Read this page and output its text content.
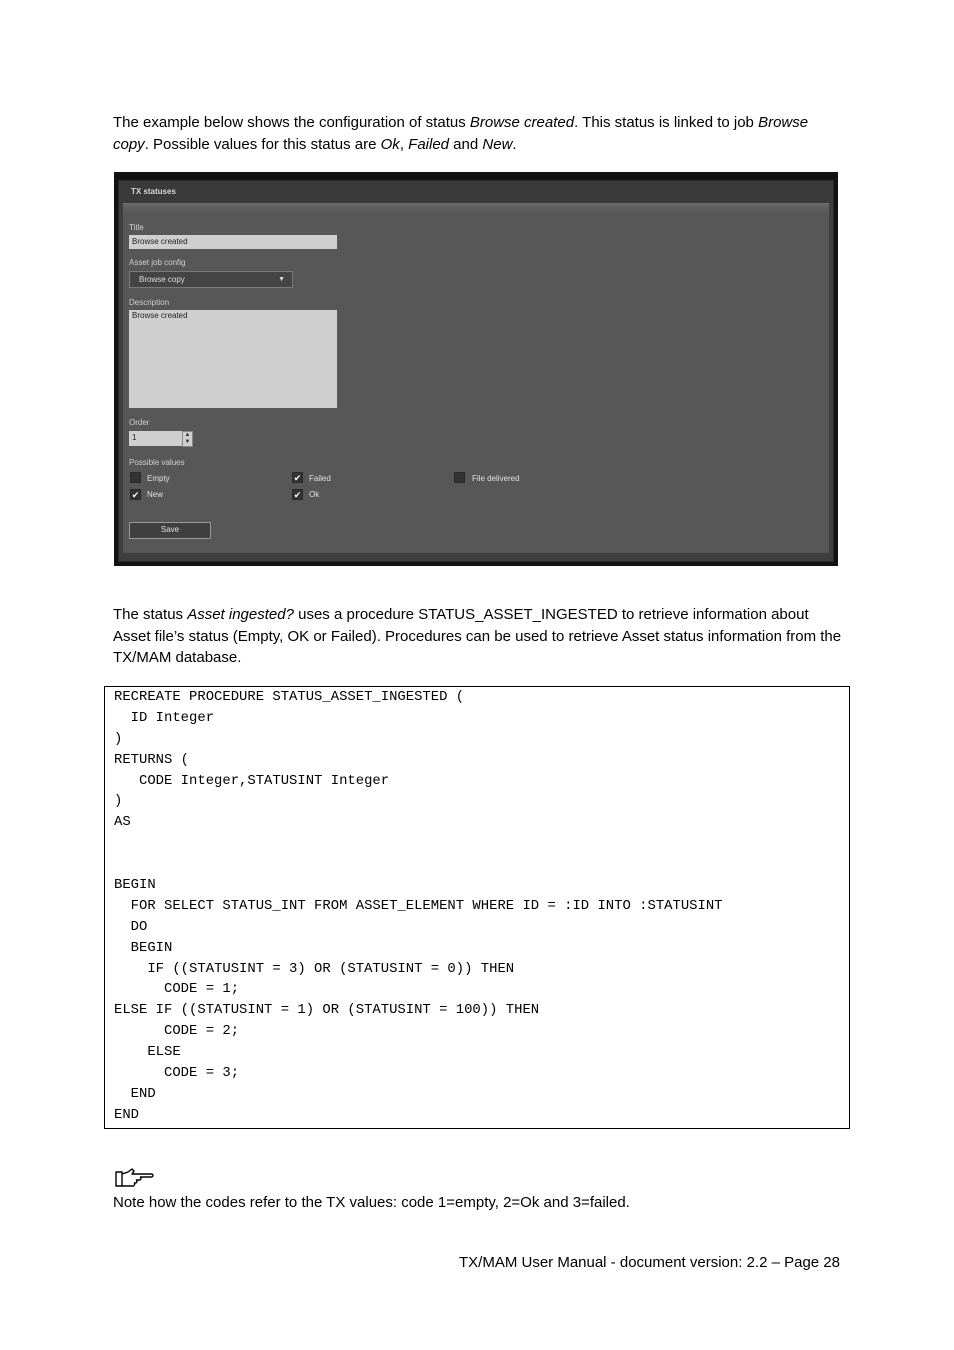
The example below shows the configuration of status Browse created. This status is linked to job Browse copy. Possible values for this status are Ok, Failed and New.

TX statuses
Title
Browse created
Asset job config
Browse copy	▼
Description
Browse created
Order
1	▲
▼
Possible values
Empty
✔ New
✔ Failed
✔ Ok
File delivered
Save

The status Asset ingested? uses a procedure STATUS_ASSET_INGESTED to retrieve information about Asset file’s status (Empty, OK or Failed). Procedures can be used to retrieve Asset status information from the TX/MAM database.

RECREATE PROCEDURE STATUS_ASSET_INGESTED (
ID Integer
)
RETURNS (
CODE Integer,STATUSINT Integer
)
AS
BEGIN
FOR SELECT STATUS_INT FROM ASSET_ELEMENT WHERE ID = :ID INTO :STATUSINT
DO
BEGIN
IF ((STATUSINT = 3) OR (STATUSINT = 0)) THEN
CODE = 1;
ELSE IF ((STATUSINT = 1) OR (STATUSINT = 100)) THEN
CODE = 2;
ELSE
CODE = 3;
END
END

Note how the codes refer to the TX values: code 1=empty, 2=Ok and 3=failed.

TX/MAM User Manual - document version: 2.2 – Page 28
